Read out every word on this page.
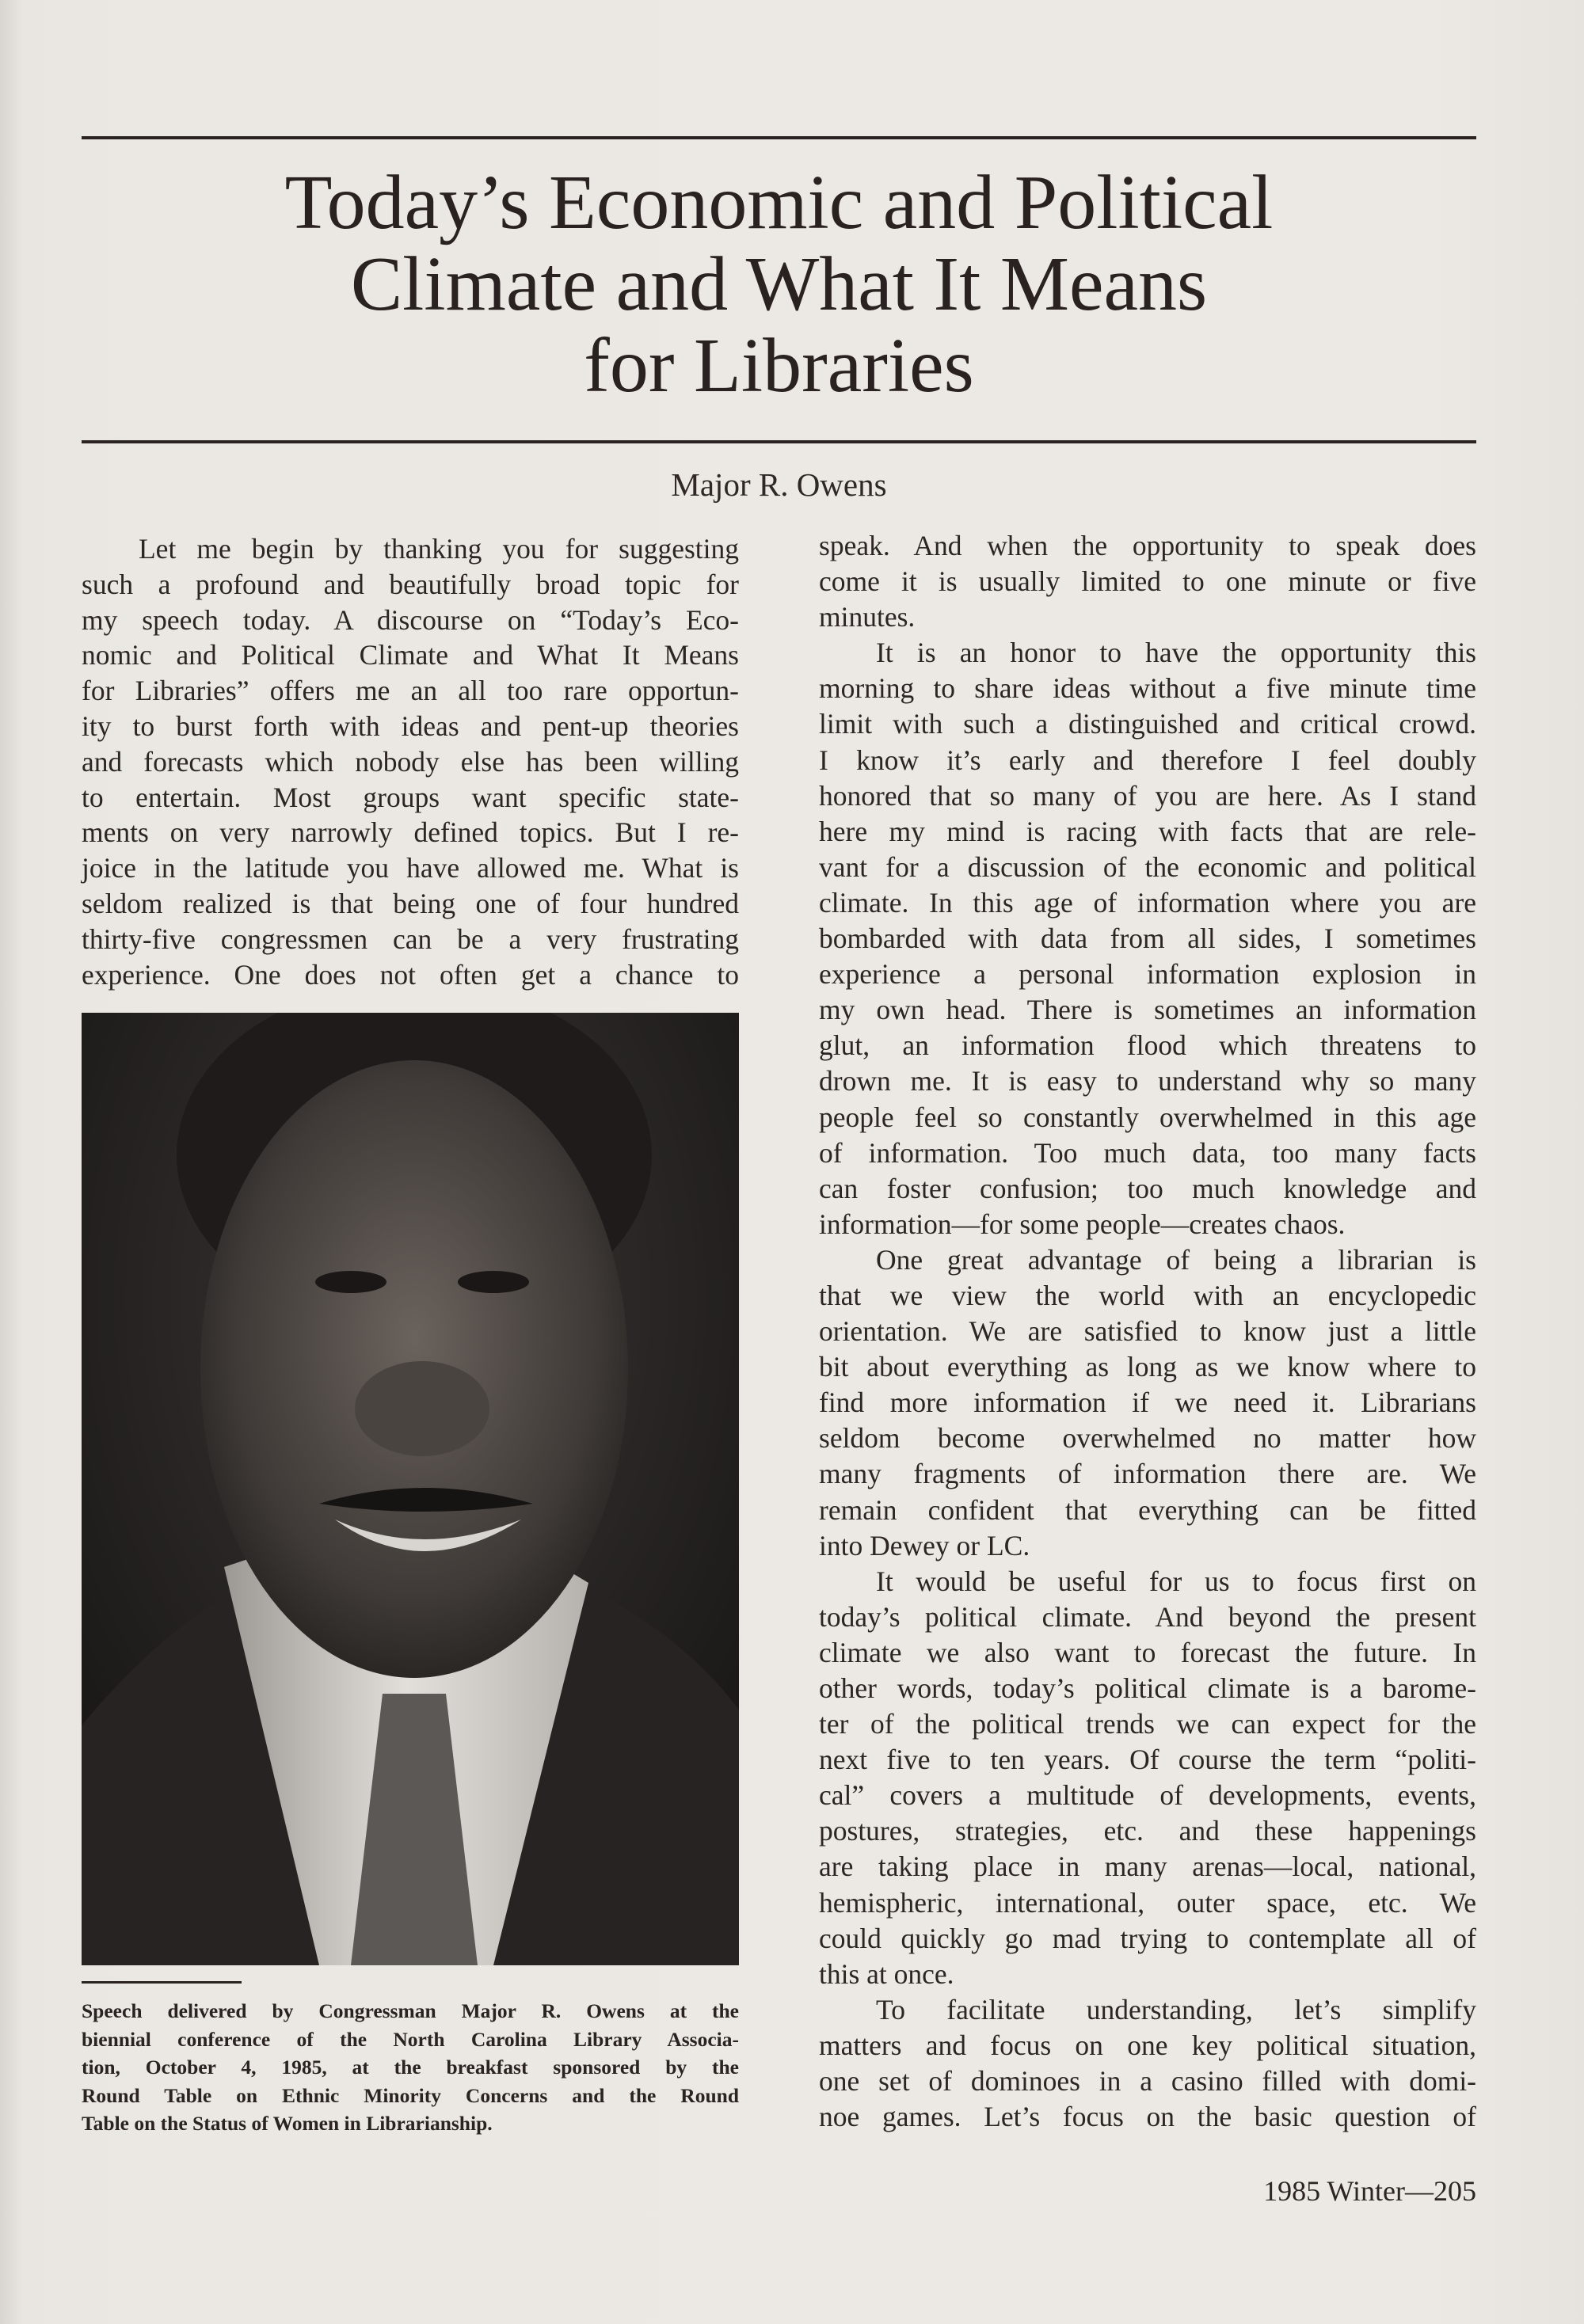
Today’s Economic and Political
Climate and What It Means
for Libraries
Major R. Owens
Let me begin by thanking you for suggesting
such a profound and beautifully broad topic for
my speech today. A discourse on “Today’s Eco-
nomic and Political Climate and What It Means
for Libraries” offers me an all too rare opportun-
ity to burst forth with ideas and pent-up theories
and forecasts which nobody else has been willing
to entertain. Most groups want specific state-
ments on very narrowly defined topics. But I re-
joice in the latitude you have allowed me. What is
seldom realized is that being one of four hundred
thirty-five congressmen can be a very frustrating
experience. One does not often get a chance to
Speech delivered by Congressman Major R. Owens at the
biennial conference of the North Carolina Library Associa-
tion, October 4, 1985, at the breakfast sponsored by the
Round Table on Ethnic Minority Concerns and the Round
Table on the Status of Women in Librarianship.
speak. And when the opportunity to speak does
come it is usually limited to one minute or five
minutes.
It is an honor to have the opportunity this
morning to share ideas without a five minute time
limit with such a distinguished and critical crowd.
I know it’s early and therefore I feel doubly
honored that so many of you are here. As I stand
here my mind is racing with facts that are rele-
vant for a discussion of the economic and political
climate. In this age of information where you are
bombarded with data from all sides, I sometimes
experience a personal information explosion in
my own head. There is sometimes an information
glut, an information flood which threatens to
drown me. It is easy to understand why so many
people feel so constantly overwhelmed in this age
of information. Too much data, too many facts
can foster confusion; too much knowledge and
information—for some people—creates chaos.
One great advantage of being a librarian is
that we view the world with an encyclopedic
orientation. We are satisfied to know just a little
bit about everything as long as we know where to
find more information if we need it. Librarians
seldom become overwhelmed no matter how
many fragments of information there are. We
remain confident that everything can be fitted
into Dewey or LC.
It would be useful for us to focus first on
today’s political climate. And beyond the present
climate we also want to forecast the future. In
other words, today’s political climate is a barome-
ter of the political trends we can expect for the
next five to ten years. Of course the term “politi-
cal” covers a multitude of developments, events,
postures, strategies, etc. and these happenings
are taking place in many arenas—local, national,
hemispheric, international, outer space, etc. We
could quickly go mad trying to contemplate all of
this at once.
To facilitate understanding, let’s simplify
matters and focus on one key political situation,
one set of dominoes in a casino filled with domi-
noe games. Let’s focus on the basic question of
1985 Winter—205
